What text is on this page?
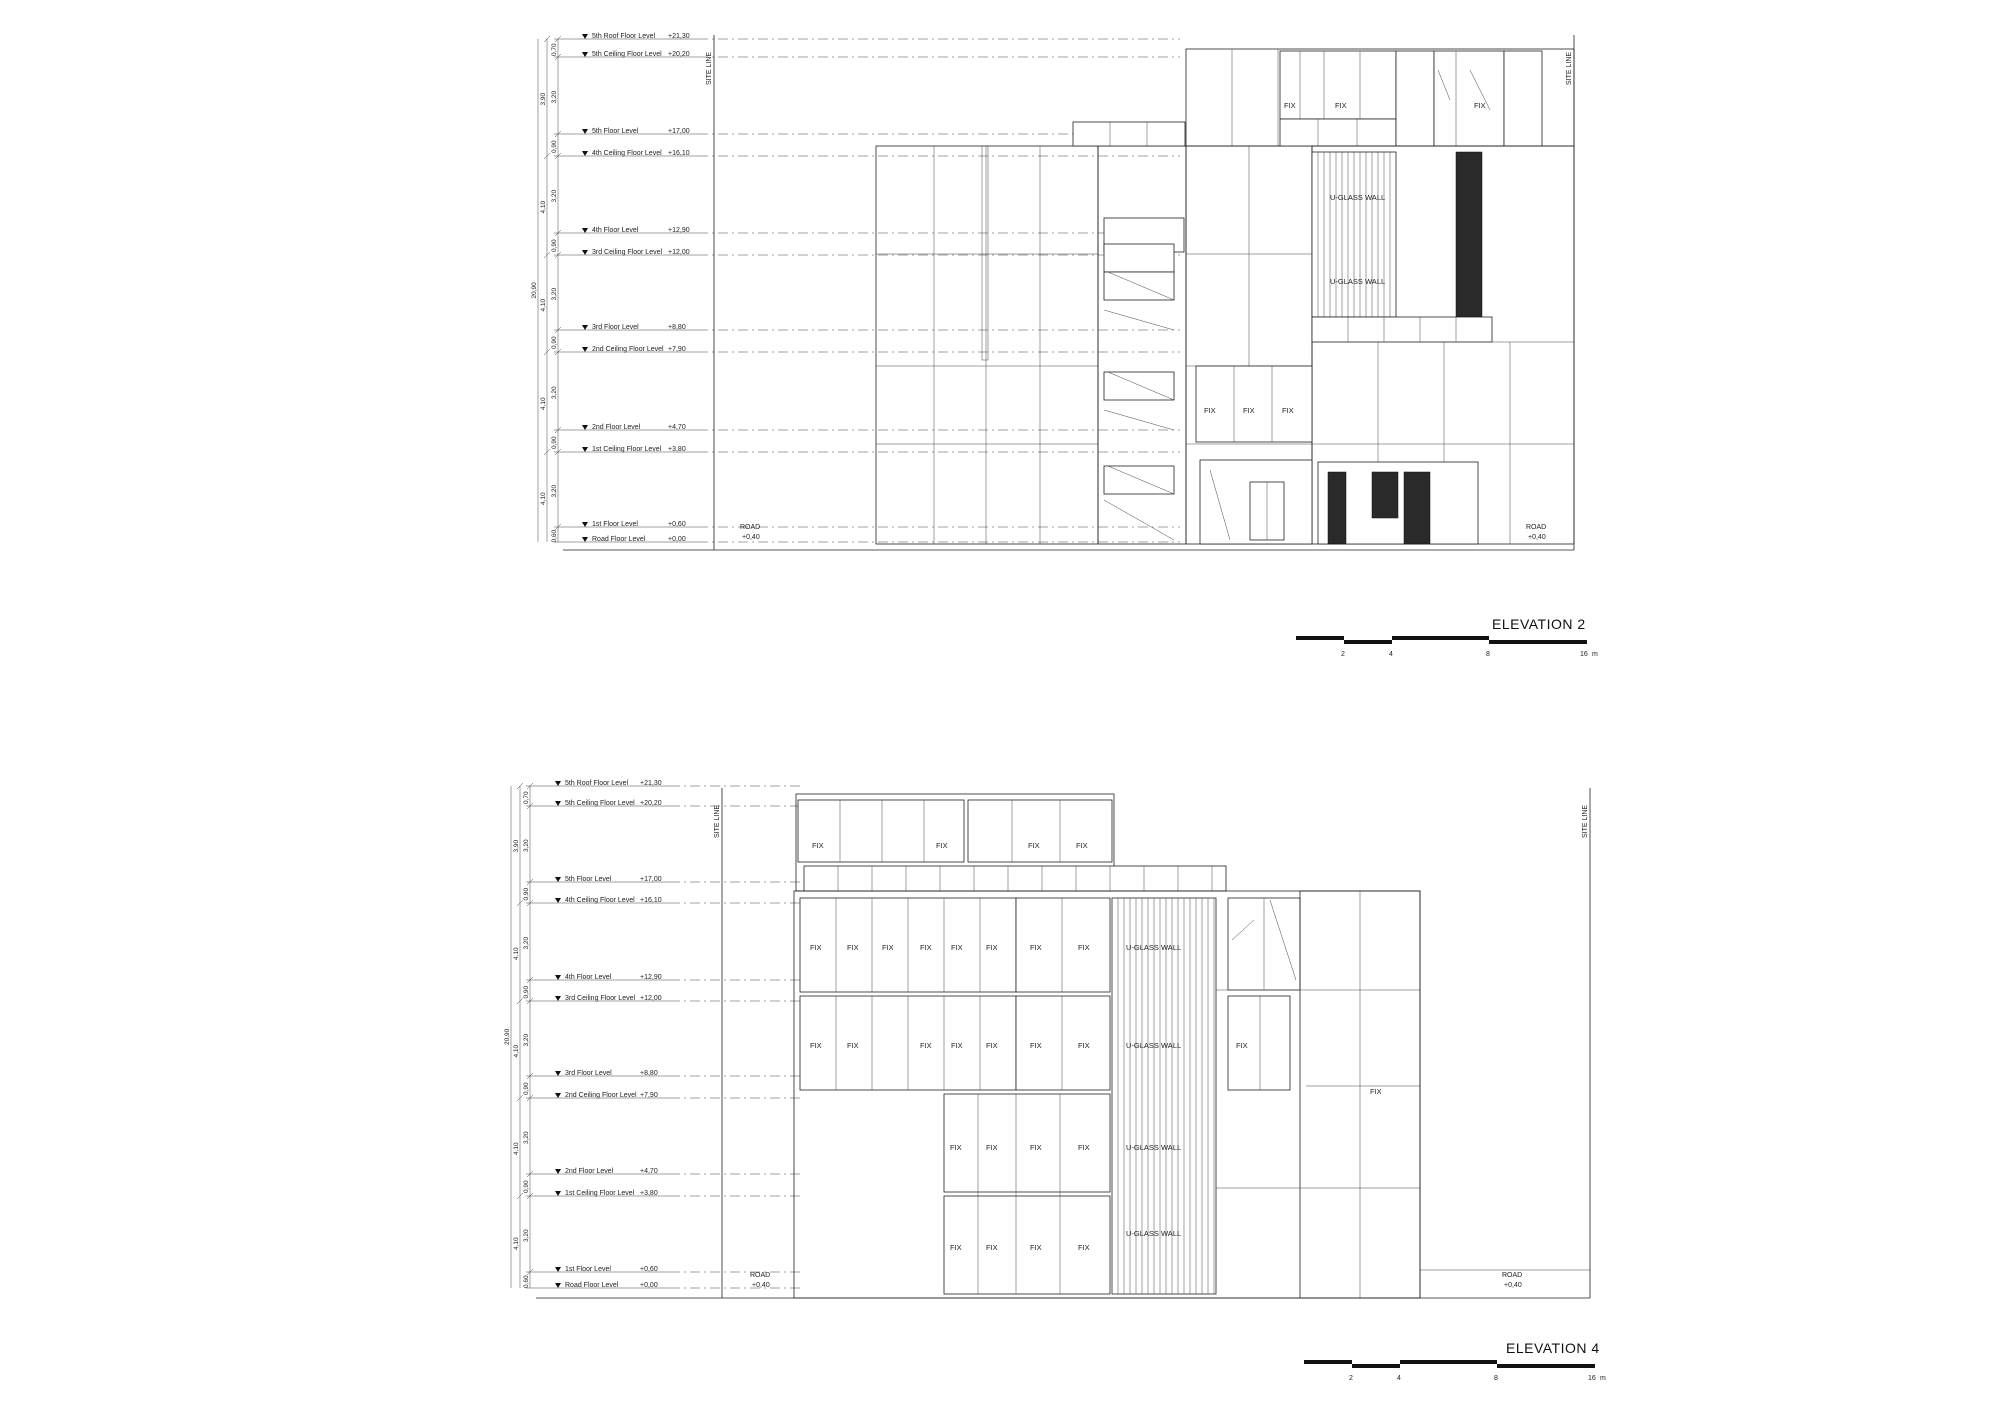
5th Roof Floor Level +21,30
5th Ceiling Floor Level +20,20
5th Floor Level	+17,00
4th Ceiling Floor Level +16,10
4th Floor Level	+12,90
3rd Ceiling Floor Level +12,00
3rd Floor Level	+8,80
2nd Ceiling Floor Level +7,90
2nd Floor Level	+4,70
1st Ceiling Floor Level +3,80
1st Floor Level	+0,60
Road Floor Level	+0,00
0,70
3,20
0,90
3,20
0,90
3,20
0,90
3,20
0,90
3,20
0,60
3,90
4,10
4,10
4,10
4,10
20,90
SITE LINE	SITE LINE
ROAD
+0,40
ROAD
+0,40
FIX	FIX	FIX
U-GLASS WALL
U-GLASS WALL
FIX	FIX	FIX
2	4	8	16 m
ELEVATION 2
5th Roof Floor Level +21,30
5th Ceiling Floor Level +20,20
5th Floor Level	+17,00
4th Ceiling Floor Level +16,10
4th Floor Level	+12,90
3rd Ceiling Floor Level +12,00
3rd Floor Level	+8,80
2nd Ceiling Floor Level +7,90
2nd Floor Level	+4,70
1st Ceiling Floor Level +3,80
1st Floor Level	+0,60
Road Floor Level	+0,00
0,70
3,20
0,90
3,20
0,90
3,20
0,90
3,20
0,90
3,20
0,60
3,90
4,10
4,10
4,10
4,10
20,90
SITE LINE	SITE LINE
ROAD
+0,40
ROAD
+0,40
FIX	FIX	FIX	FIX
FIX	FIX	FIX	FIX	FIX	FIX	FIX	FIX
FIX	FIX	FIX	FIX	FIX	FIX	FIX
FIX	FIX	FIX	FIX
FIX	FIX	FIX	FIX
U-GLASS WALL
U-GLASS WALL
U-GLASS WALL
U-GLASS WALL
FIX
FIX
2	4	8	16 m
ELEVATION 4
